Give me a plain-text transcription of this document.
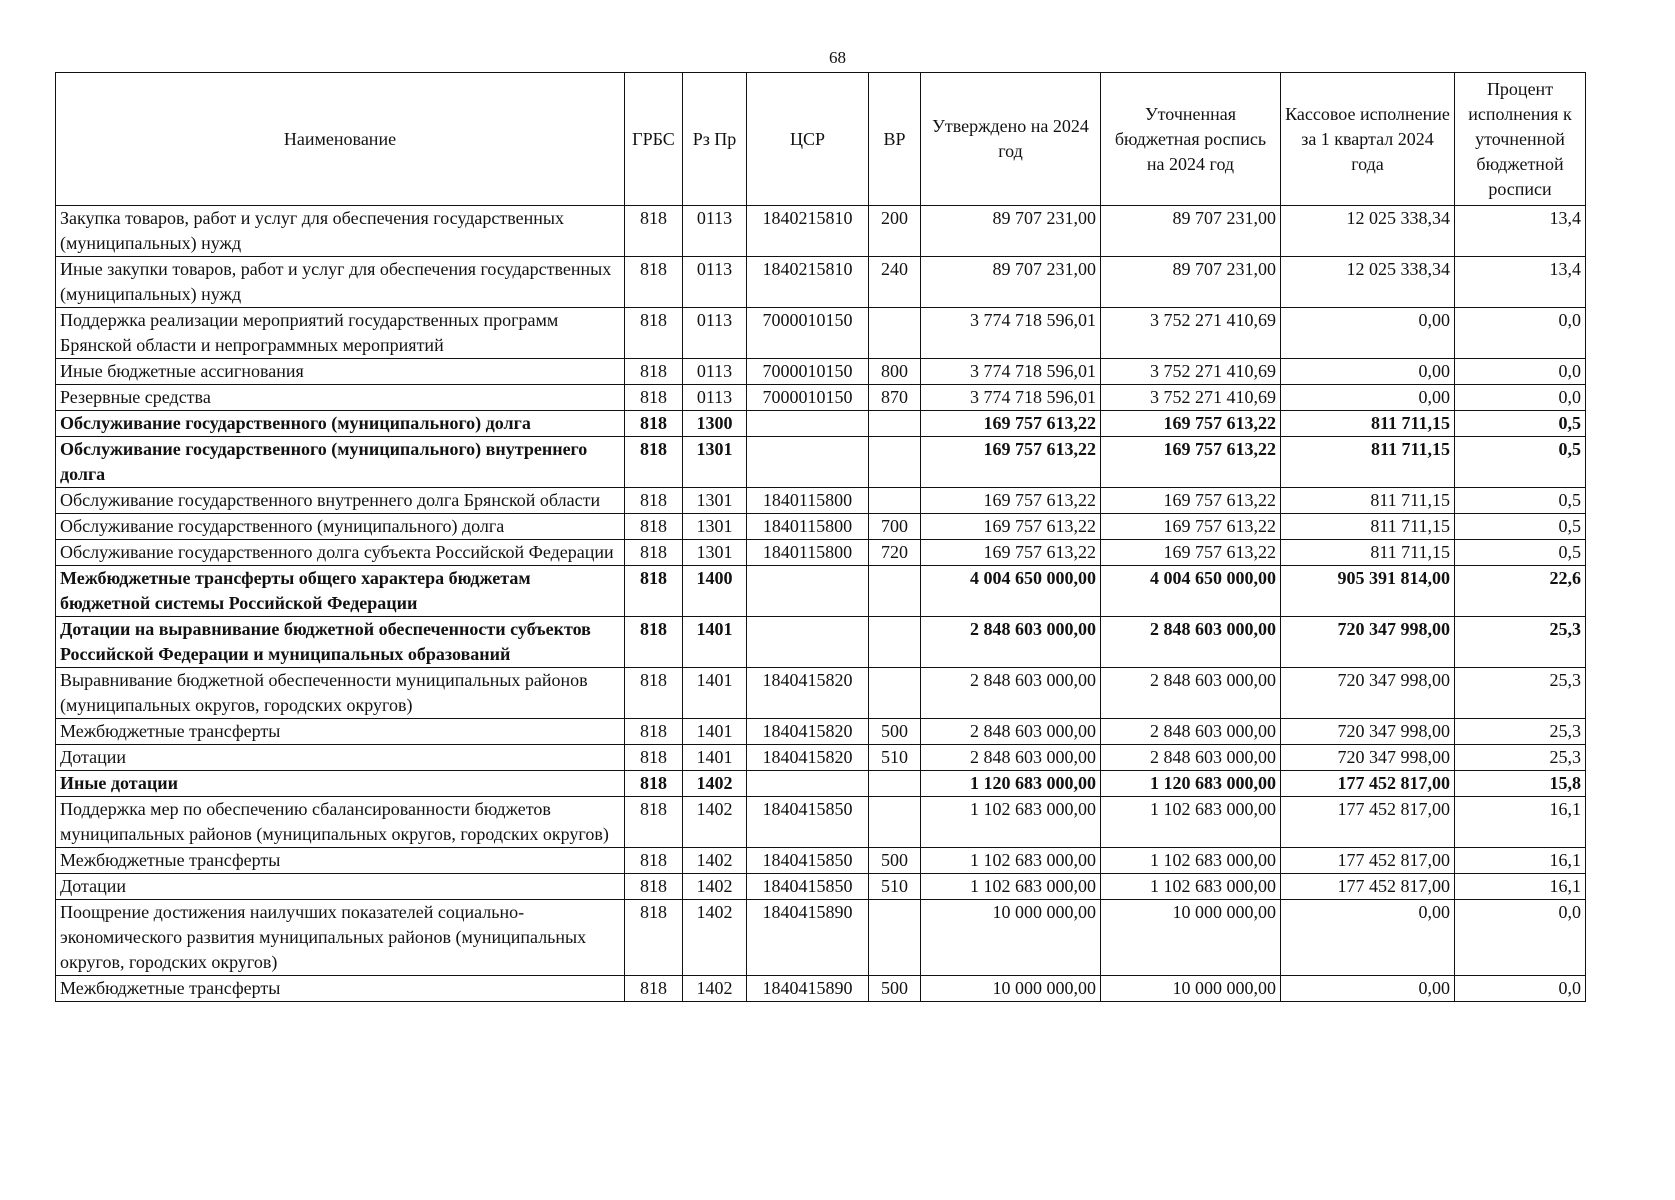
68
Наименование	ГРБС	Рз Пр	ЦСР	ВР	Утверждено на 2024 год	Уточненная бюджетная роспись на 2024 год	Кассовое исполнение за 1 квартал 2024 года	Процент исполнения к уточненной бюджетной росписи
Закупка товаров, работ и услуг для обеспечения государственных (муниципальных) нужд	818	0113	1840215810	200	89 707 231,00	89 707 231,00	12 025 338,34	13,4
Иные закупки товаров, работ и услуг для обеспечения государственных (муниципальных) нужд	818	0113	1840215810	240	89 707 231,00	89 707 231,00	12 025 338,34	13,4
Поддержка реализации мероприятий государственных программ Брянской области и непрограммных мероприятий	818	0113	7000010150		3 774 718 596,01	3 752 271 410,69	0,00	0,0
Иные бюджетные ассигнования	818	0113	7000010150	800	3 774 718 596,01	3 752 271 410,69	0,00	0,0
Резервные средства	818	0113	7000010150	870	3 774 718 596,01	3 752 271 410,69	0,00	0,0
Обслуживание государственного (муниципального) долга	818	1300			169 757 613,22	169 757 613,22	811 711,15	0,5
Обслуживание государственного (муниципального) внутреннего долга	818	1301			169 757 613,22	169 757 613,22	811 711,15	0,5
Обслуживание государственного внутреннего долга Брянской области	818	1301	1840115800		169 757 613,22	169 757 613,22	811 711,15	0,5
Обслуживание государственного (муниципального) долга	818	1301	1840115800	700	169 757 613,22	169 757 613,22	811 711,15	0,5
Обслуживание государственного долга субъекта Российской Федерации	818	1301	1840115800	720	169 757 613,22	169 757 613,22	811 711,15	0,5
Межбюджетные трансферты общего характера бюджетам бюджетной системы Российской Федерации	818	1400			4 004 650 000,00	4 004 650 000,00	905 391 814,00	22,6
Дотации на выравнивание бюджетной обеспеченности субъектов Российской Федерации и муниципальных образований	818	1401			2 848 603 000,00	2 848 603 000,00	720 347 998,00	25,3
Выравнивание бюджетной обеспеченности муниципальных районов (муниципальных округов, городских округов)	818	1401	1840415820		2 848 603 000,00	2 848 603 000,00	720 347 998,00	25,3
Межбюджетные трансферты	818	1401	1840415820	500	2 848 603 000,00	2 848 603 000,00	720 347 998,00	25,3
Дотации	818	1401	1840415820	510	2 848 603 000,00	2 848 603 000,00	720 347 998,00	25,3
Иные дотации	818	1402			1 120 683 000,00	1 120 683 000,00	177 452 817,00	15,8
Поддержка мер по обеспечению сбалансированности бюджетов муниципальных районов (муниципальных округов, городских округов)	818	1402	1840415850		1 102 683 000,00	1 102 683 000,00	177 452 817,00	16,1
Межбюджетные трансферты	818	1402	1840415850	500	1 102 683 000,00	1 102 683 000,00	177 452 817,00	16,1
Дотации	818	1402	1840415850	510	1 102 683 000,00	1 102 683 000,00	177 452 817,00	16,1
Поощрение достижения наилучших показателей социально-экономического развития муниципальных районов (муниципальных округов, городских округов)	818	1402	1840415890		10 000 000,00	10 000 000,00	0,00	0,0
Межбюджетные трансферты	818	1402	1840415890	500	10 000 000,00	10 000 000,00	0,00	0,0
